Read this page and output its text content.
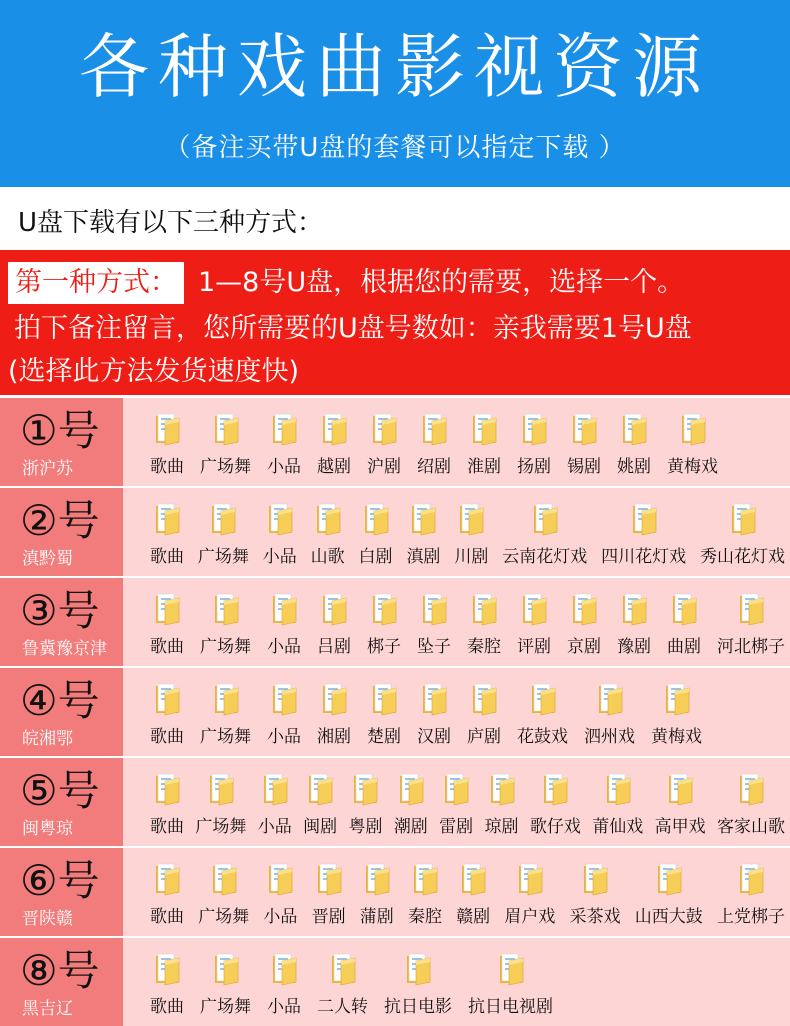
各种戏曲影视资源
（备注买带U盘的套餐可以指定下载 ）
U盘下载有以下三种方式：
第一种方式： 1—8号U盘，根据您的需要，选择一个。
拍下备注留言，您所需要的U盘号数如：亲我需要1号U盘
(选择此方法发货速度快)
①号
浙沪苏	歌曲 广场舞 小品 越剧 沪剧 绍剧 淮剧 扬剧 锡剧 姚剧 黄梅戏
②号
滇黔蜀	歌曲 广场舞 小品 山歌 白剧 滇剧 川剧 云南花灯戏 四川花灯戏 秀山花灯戏
③号
鲁冀豫京津	歌曲 广场舞 小品 吕剧 梆子 坠子 秦腔 评剧 京剧 豫剧 曲剧 河北梆子
④号
皖湘鄂	歌曲 广场舞 小品 湘剧 楚剧 汉剧 庐剧 花鼓戏 泗州戏 黄梅戏
⑤号
闽粤琼	歌曲 广场舞 小品 闽剧 粤剧 潮剧 雷剧 琼剧 歌仔戏 莆仙戏 高甲戏 客家山歌
⑥号
晋陕赣	歌曲 广场舞 小品 晋剧 蒲剧 秦腔 赣剧 眉户戏 采茶戏 山西大鼓 上党梆子
⑧号
黑吉辽	歌曲 广场舞 小品 二人转 抗日电影 抗日电视剧
